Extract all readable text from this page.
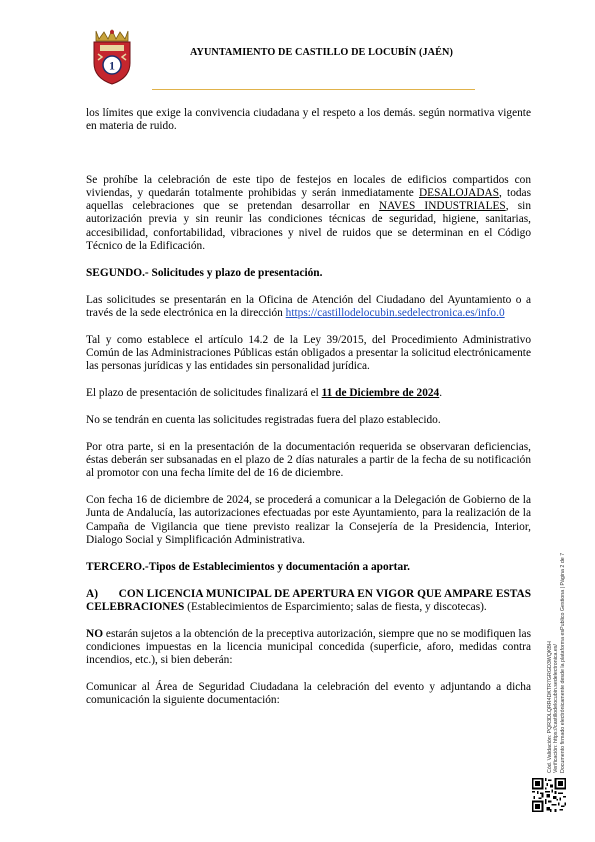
1
AYUNTAMIENTO DE CASTILLO DE LOCUBÍN (JAÉN)

los límites que exige la convivencia ciudadana y el respeto a los demás. según normativa vigente en materia de ruido.

Se prohíbe la celebración de este tipo de festejos en locales de edificios compartidos con viviendas, y quedarán totalmente prohibidas y serán inmediatamente DESALOJADAS, todas aquellas celebraciones que se pretendan desarrollar en NAVES INDUSTRIALES, sin autorización previa y sin reunir las condiciones técnicas de seguridad, higiene, sanitarias, accesibilidad, confortabilidad, vibraciones y nivel de ruidos que se determinan en el Código Técnico de la Edificación.

SEGUNDO.- Solicitudes y plazo de presentación.

Las solicitudes se presentarán en la Oficina de Atención del Ciudadano del Ayuntamiento o a través de la sede electrónica en la dirección https://castillodelocubin.sedelectronica.es/info.0

Tal y como establece el artículo 14.2 de la Ley 39/2015, del Procedimiento Administrativo Común de las Administraciones Públicas están obligados a presentar la solicitud electrónicamente las personas jurídicas y las entidades sin personalidad jurídica.

El plazo de presentación de solicitudes finalizará el 11 de Diciembre de 2024.

No se tendrán en cuenta las solicitudes registradas fuera del plazo establecido.

Por otra parte, si en la presentación de la documentación requerida se observaran deficiencias, éstas deberán ser subsanadas en el plazo de 2 días naturales a partir de la fecha de su notificación al promotor con una fecha límite del de 16 de diciembre.

Con fecha 16 de diciembre de 2024, se procederá a comunicar a la Delegación de Gobierno de la Junta de Andalucía, las autorizaciones efectuadas por este Ayuntamiento, para la realización de la Campaña de Vigilancia que tiene previsto realizar la Consejería de la Presidencia, Interior, Dialogo Social y Simplificación Administrativa.

TERCERO.-Tipos de Establecimientos y documentación a aportar.

A)       CON LICENCIA MUNICIPAL DE APERTURA EN VIGOR QUE AMPARE ESTAS CELEBRACIONES (Establecimientos de Esparcimiento; salas de fiesta, y discotecas).

NO estarán sujetos a la obtención de la preceptiva autorización, siempre que no se modifiquen las condiciones impuestas en la licencia municipal concedida (superficie, aforo, medidas contra incendios, etc.), si bien deberán:

Comunicar al Área de Seguridad Ciudadana la celebración del evento y adjuntando a dicha comunicación la siguiente documentación:	Cód. Validación: PQR3DLQRR4DKTR7GRGD3WQKBH Verificación: https://castillodelocubin.sedelectronica.es/ Documento firmado electrónicamente desde la plataforma esPublico Gestiona | Página 2 de 7
